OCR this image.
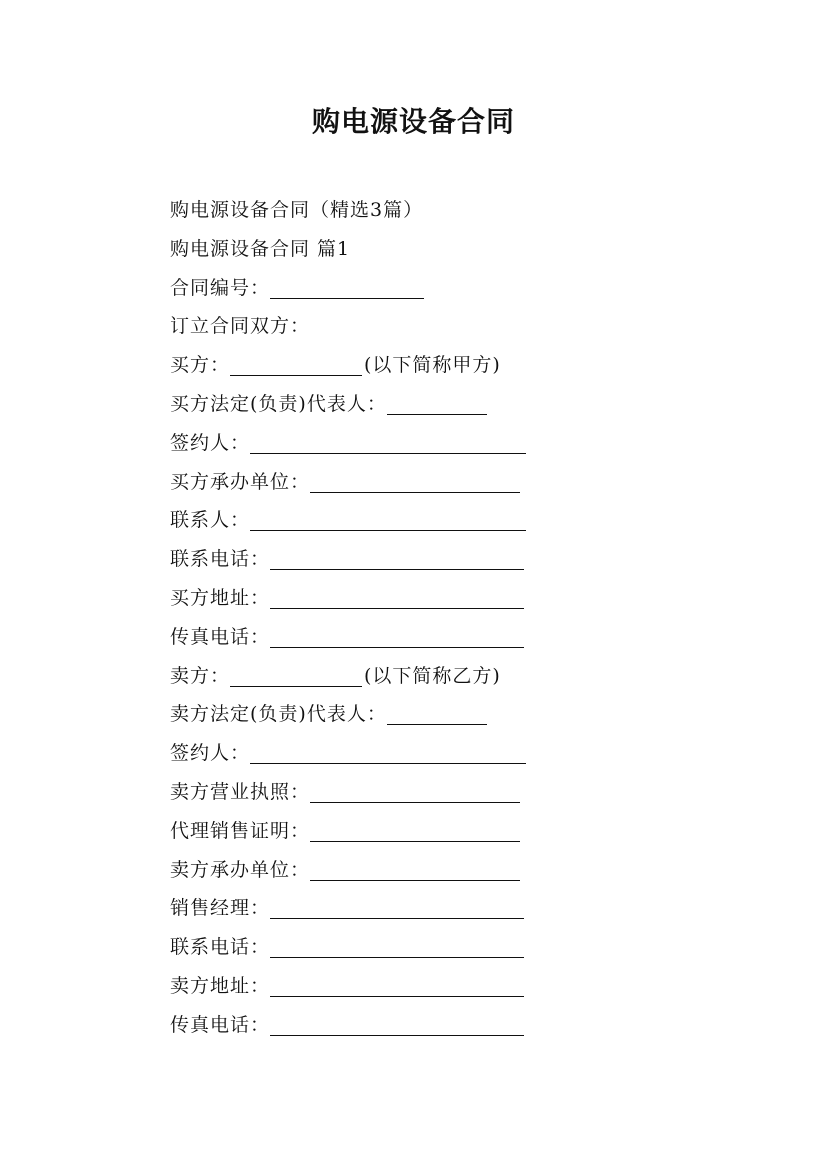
购电源设备合同
购电源设备合同（精选3篇）
购电源设备合同 篇1
合同编号：
订立合同双方：
买方：	(以下简称甲方)
买方法定(负责)代表人：
签约人：
买方承办单位：
联系人：
联系电话：
买方地址：
传真电话：
卖方：	(以下简称乙方)
卖方法定(负责)代表人：
签约人：
卖方营业执照：
代理销售证明：
卖方承办单位：
销售经理：
联系电话：
卖方地址：
传真电话：
